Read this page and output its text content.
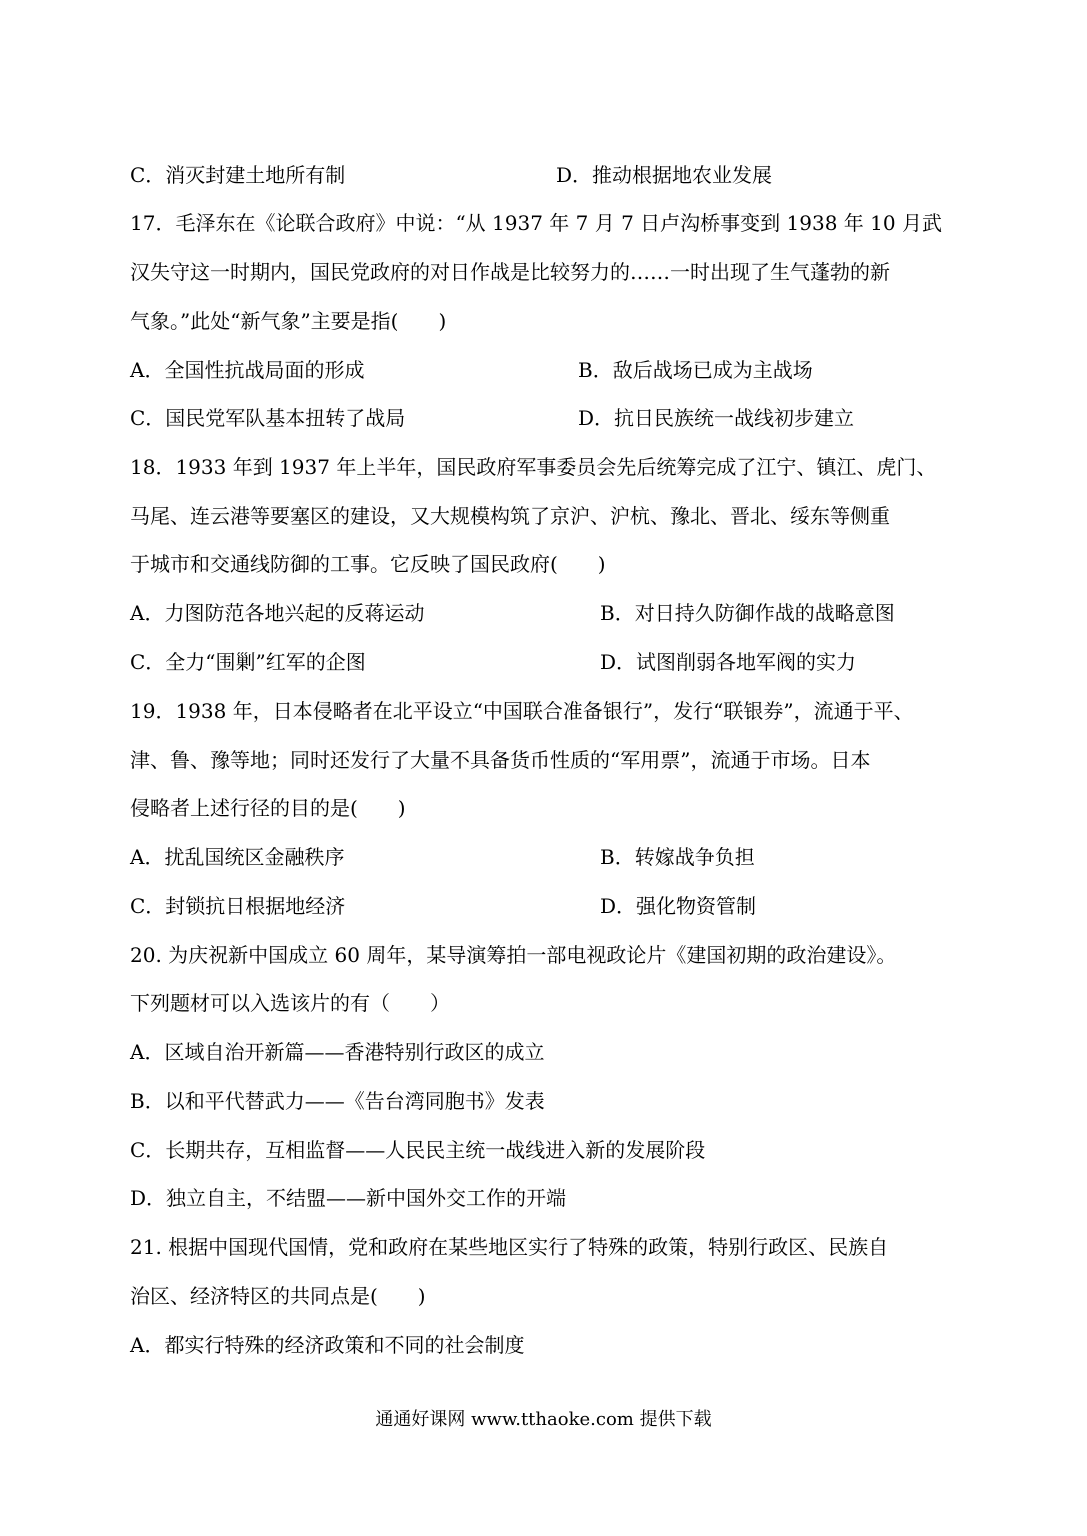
C．消灭封建土地所有制	D．推动根据地农业发展
17．毛泽东在《论联合政府》中说：“从 1937 年 7 月 7 日卢沟桥事变到 1938 年 10 月武
汉失守这一时期内，国民党政府的对日作战是比较努力的……一时出现了生气蓬勃的新
气象。”此处“新气象”主要是指(　　)
A．全国性抗战局面的形成	B．敌后战场已成为主战场
C．国民党军队基本扭转了战局	D．抗日民族统一战线初步建立
18．1933 年到 1937 年上半年，国民政府军事委员会先后统筹完成了江宁、镇江、虎门、
马尾、连云港等要塞区的建设，又大规模构筑了京沪、沪杭、豫北、晋北、绥东等侧重
于城市和交通线防御的工事。它反映了国民政府(　　)
A．力图防范各地兴起的反蒋运动	B．对日持久防御作战的战略意图
C．全力“围剿”红军的企图	D．试图削弱各地军阀的实力
19．1938 年，日本侵略者在北平设立“中国联合准备银行”，发行“联银券”，流通于平、
津、鲁、豫等地；同时还发行了大量不具备货币性质的“军用票”，流通于市场。日本
侵略者上述行径的目的是(　　)
A．扰乱国统区金融秩序	B．转嫁战争负担
C．封锁抗日根据地经济	D．强化物资管制
20. 为庆祝新中国成立 60 周年，某导演筹拍一部电视政论片《建国初期的政治建设》。
下列题材可以入选该片的有（　　）
A．区域自治开新篇——香港特别行政区的成立
B．以和平代替武力——《告台湾同胞书》发表
C．长期共存，互相监督——人民民主统一战线进入新的发展阶段
D．独立自主，不结盟——新中国外交工作的开端
21. 根据中国现代国情，党和政府在某些地区实行了特殊的政策，特别行政区、民族自
治区、经济特区的共同点是(　　)
A．都实行特殊的经济政策和不同的社会制度
通通好课网 www.tthaoke.com 提供下载
